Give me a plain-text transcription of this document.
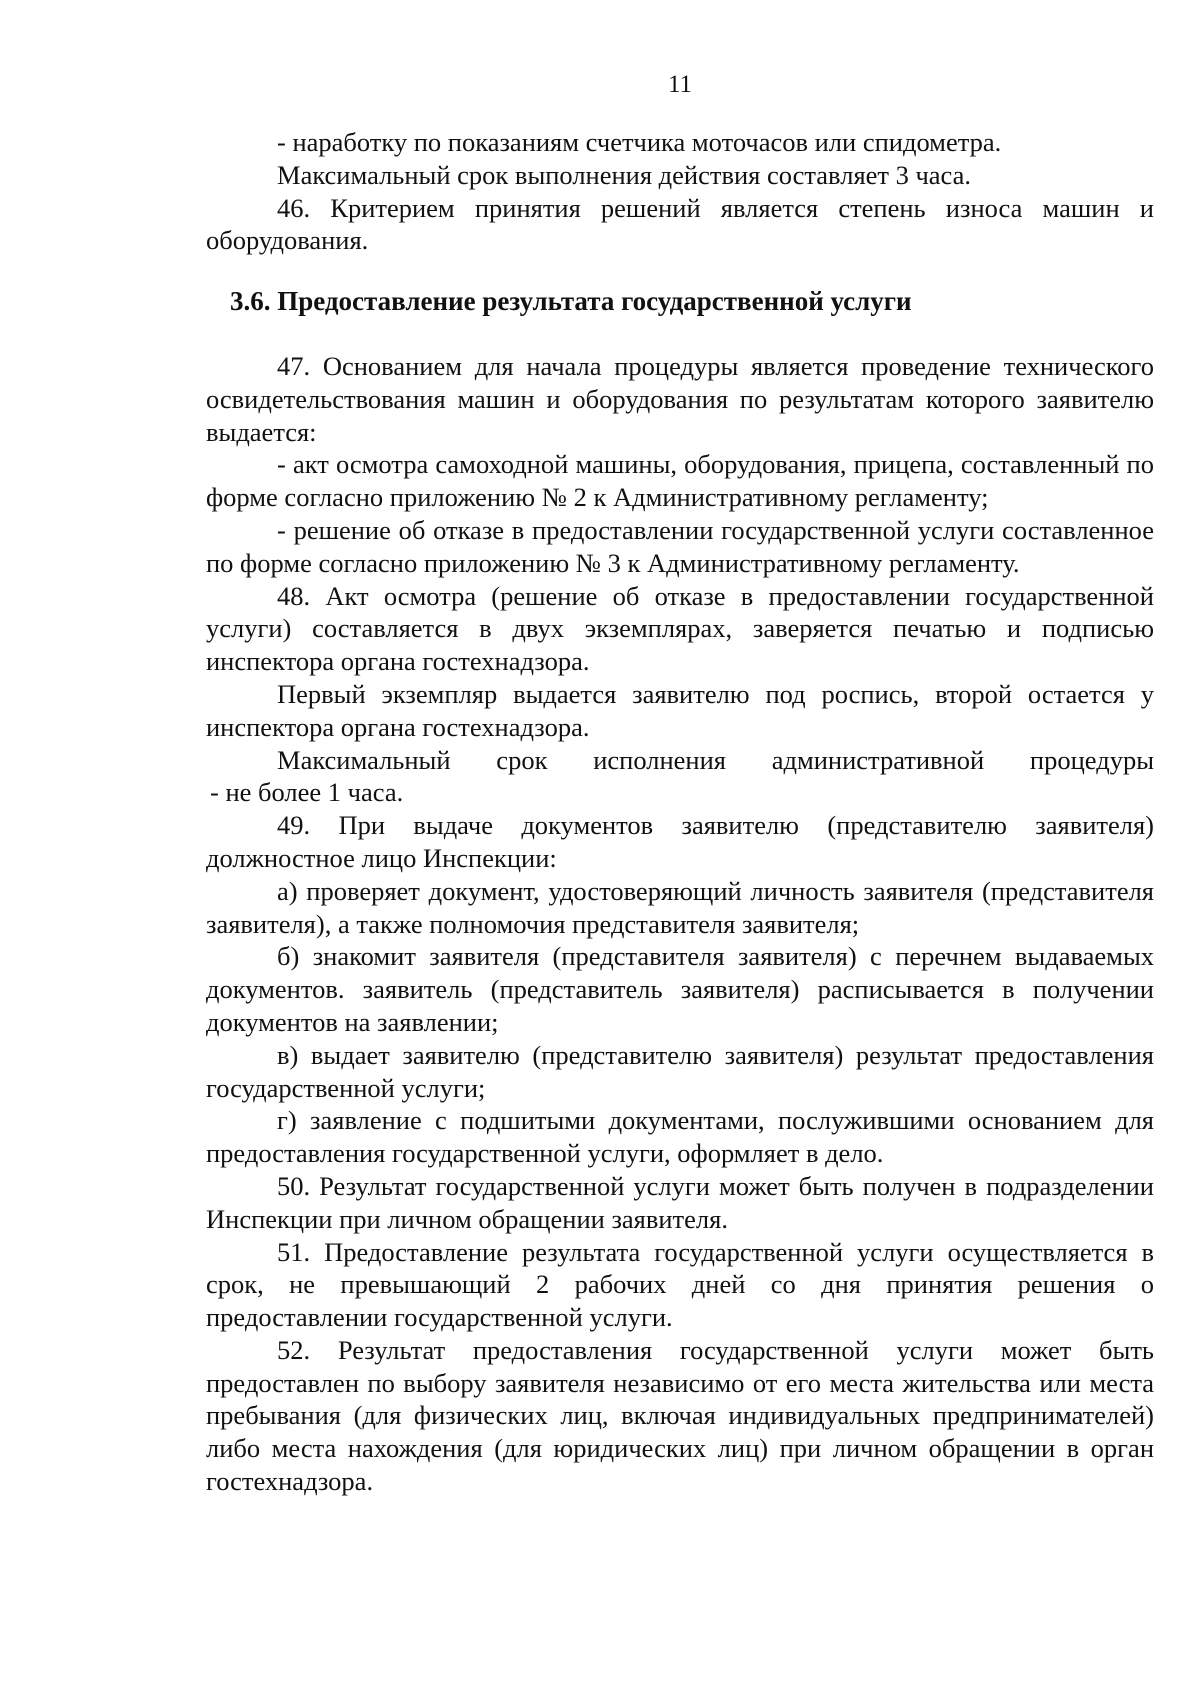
11

- наработку по показаниям счетчика моточасов или спидометра.

Максимальный срок выполнения действия составляет 3 часа.

46. Критерием принятия решений является степень износа машин и оборудования.

3.6. Предоставление результата государственной услуги

47. Основанием для начала процедуры является проведение технического освидетельствования машин и оборудования по результатам которого заявителю выдается:

- акт осмотра самоходной машины, оборудования, прицепа, составленный по форме согласно приложению № 2 к Административному регламенту;

- решение об отказе в предоставлении государственной услуги составленное по форме согласно приложению № 3 к Административному регламенту.

48. Акт осмотра (решение об отказе в предоставлении государственной услуги) составляется в двух экземплярах, заверяется печатью и подписью инспектора органа гостехнадзора.

Первый экземпляр выдается заявителю под роспись, второй остается у инспектора органа гостехнадзора.

Максимальный срок исполнения административной процедуры

- не более 1 часа.

49. При выдаче документов заявителю (представителю заявителя) должностное лицо Инспекции:

а) проверяет документ, удостоверяющий личность заявителя (представителя заявителя), а также полномочия представителя заявителя;

б) знакомит заявителя (представителя заявителя) с перечнем выдаваемых документов. заявитель (представитель заявителя) расписывается в получении документов на заявлении;

в) выдает заявителю (представителю заявителя) результат предоставления государственной услуги;

г) заявление с подшитыми документами, послужившими основанием для предоставления государственной услуги, оформляет в дело.

50. Результат государственной услуги может быть получен в подразделении Инспекции при личном обращении заявителя.

51. Предоставление результата государственной услуги осуществляется в срок, не превышающий 2 рабочих дней со дня принятия решения о предоставлении государственной услуги.

52. Результат предоставления государственной услуги может быть предоставлен по выбору заявителя независимо от его места жительства или места пребывания (для физических лиц, включая индивидуальных предпринимателей) либо места нахождения (для юридических лиц) при личном обращении в орган гостехнадзора.
